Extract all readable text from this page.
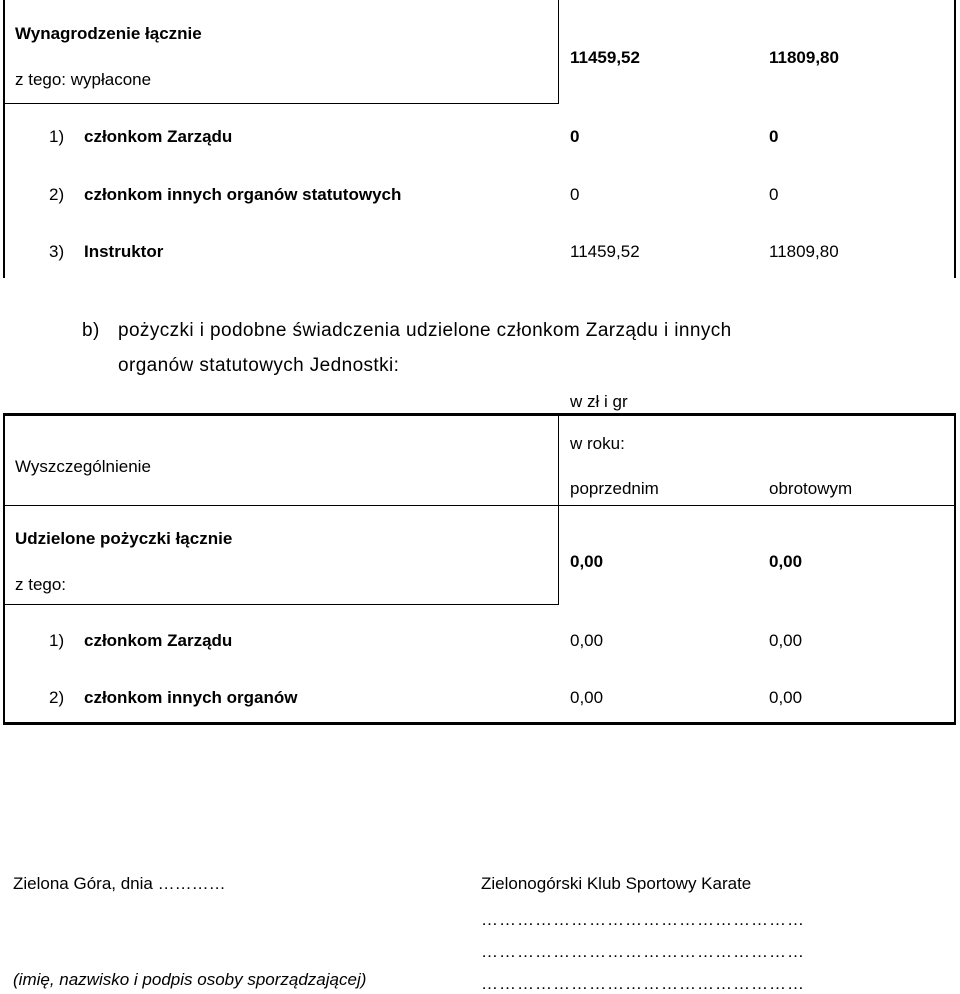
Wynagrodzenie łącznie
z tego: wypłacone
11459,52	11809,80
1) członkom Zarządu	0	0
2) członkom innych organów statutowych	0	0
3) Instruktor	11459,52	11809,80
b) pożyczki i podobne świadczenia udzielone członkom Zarządu i innych
organów statutowych Jednostki:
w zł i gr
Wyszczególnienie
w roku:
poprzednim	obrotowym
Udzielone pożyczki łącznie
z tego:
0,00	0,00
1) członkom Zarządu	0,00	0,00
2) członkom innych organów	0,00	0,00
Zielona Góra, dnia …………
(imię, nazwisko i podpis osoby sporządzającej)
Zielonogórski Klub Sportowy Karate
………………………………………………
………………………………………………
………………………………………………
